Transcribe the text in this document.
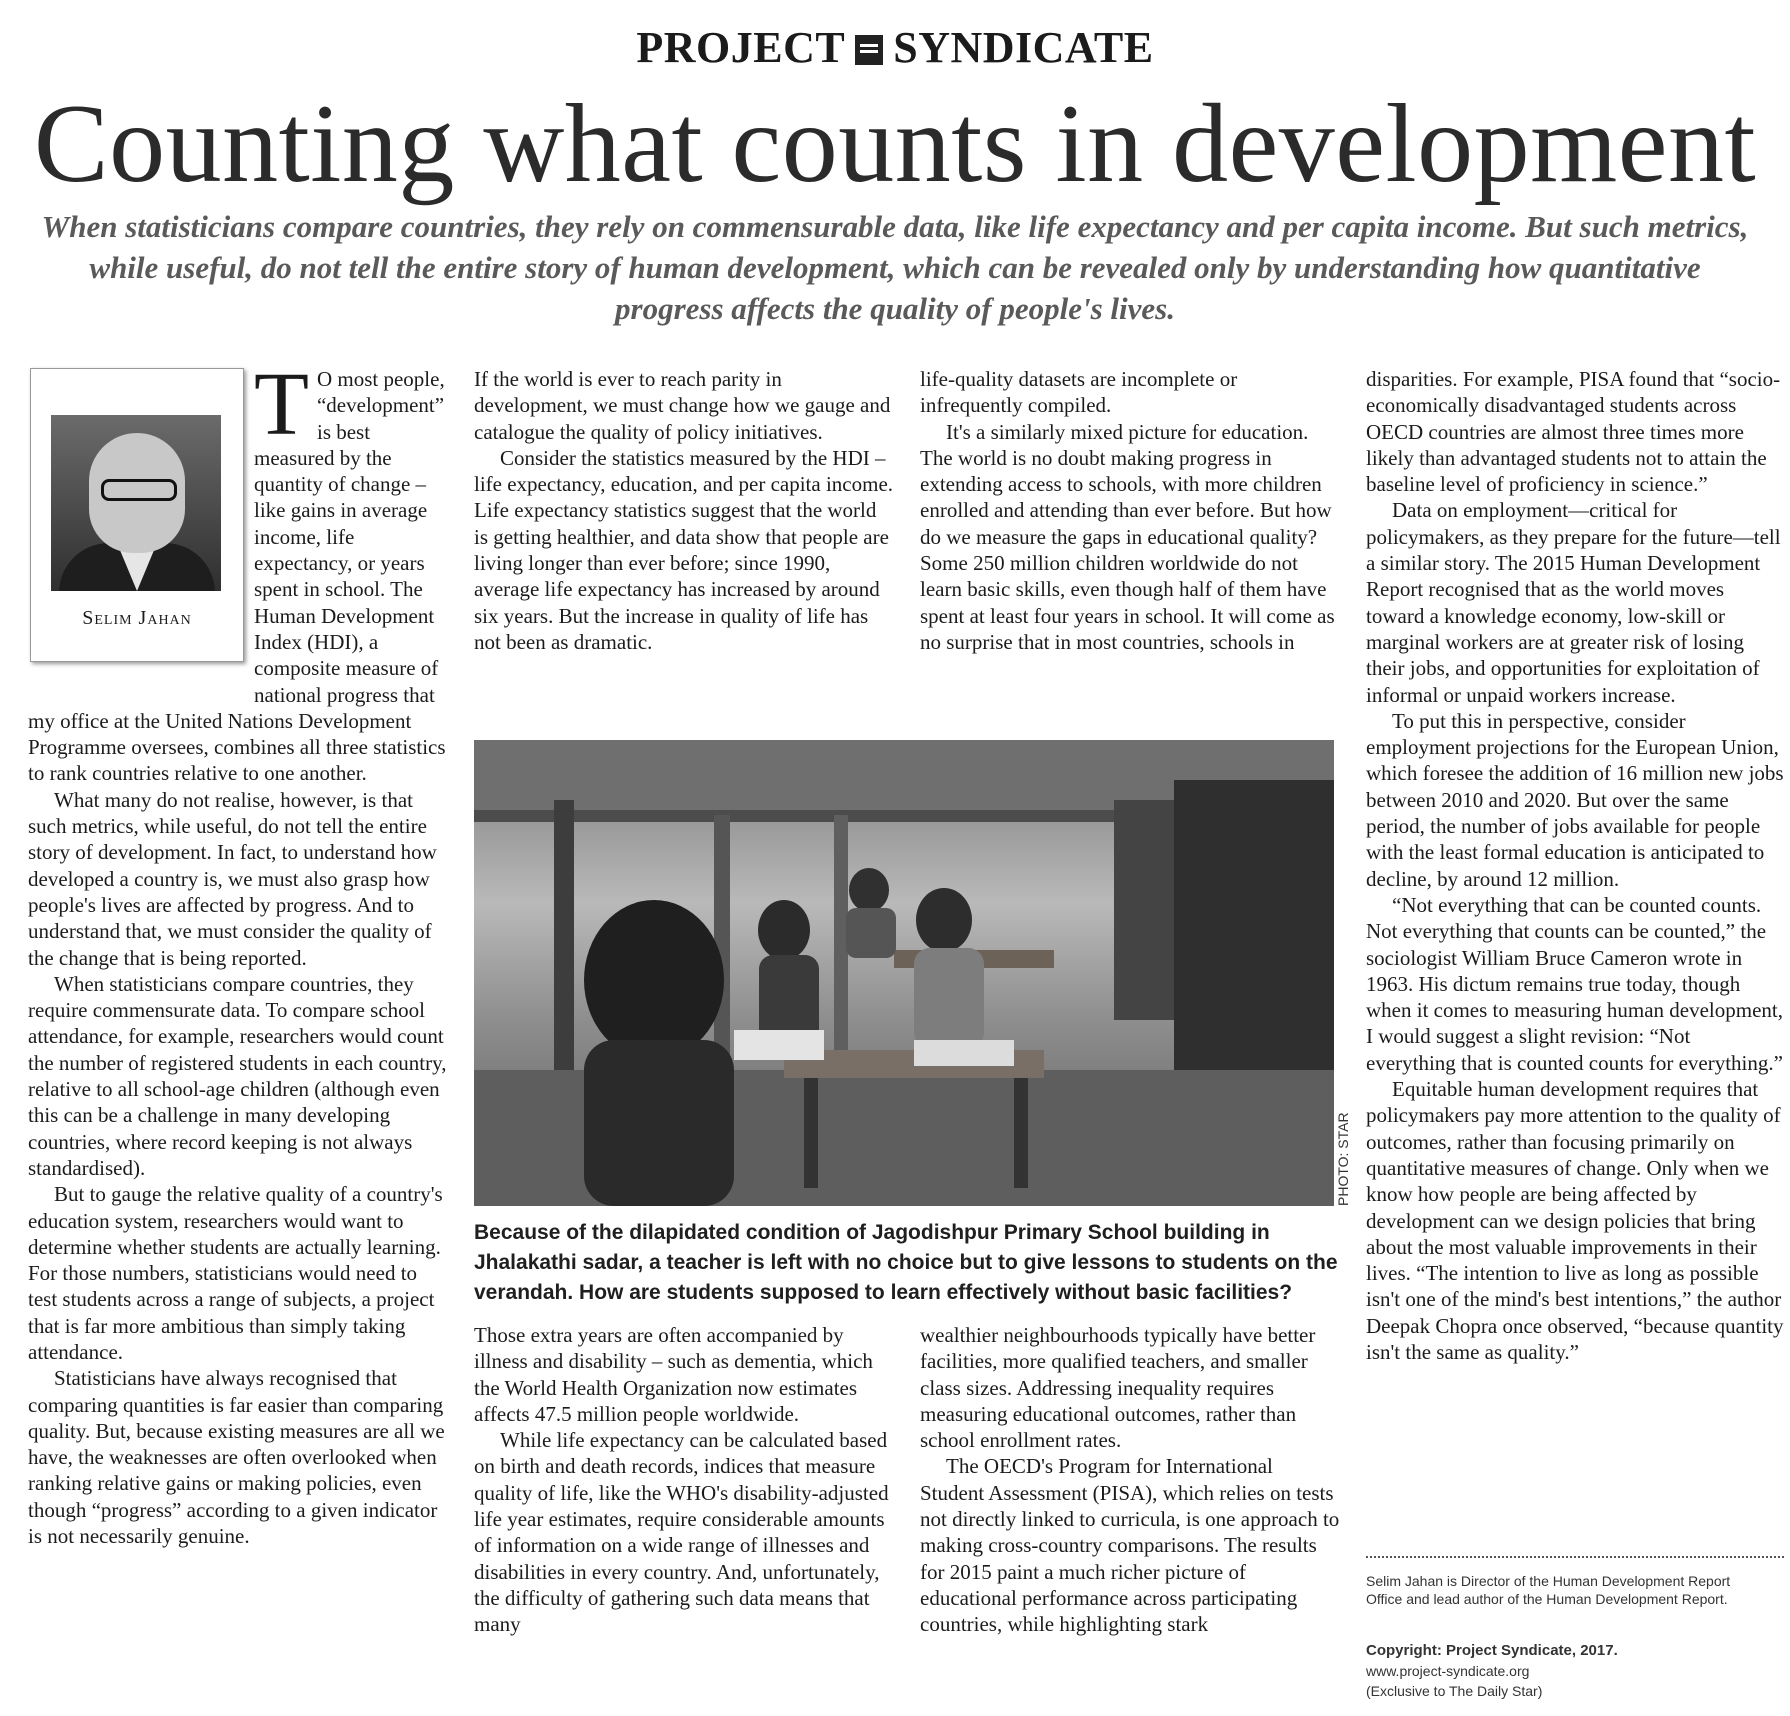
PROJECT SYNDICATE
Counting what counts in development
When statisticians compare countries, they rely on commensurable data, like life expectancy and per capita income. But such metrics, while useful, do not tell the entire story of human development, which can be revealed only by understanding how quantitative progress affects the quality of people's lives.
Selim Jahan

T O most people, “development” is best measured by the quantity of change – like gains in average income, life expectancy, or years spent in school. The Human Development Index (HDI), a composite measure of national progress that my office at the United Nations Development Programme oversees, combines all three statistics to rank countries relative to one another.

What many do not realise, however, is that such metrics, while useful, do not tell the entire story of development. In fact, to understand how developed a country is, we must also grasp how people's lives are affected by progress. And to understand that, we must consider the quality of the change that is being reported.

When statisticians compare countries, they require commensurate data. To compare school attendance, for example, researchers would count the number of registered students in each country, relative to all school-age children (although even this can be a challenge in many developing countries, where record keeping is not always standardised).

But to gauge the relative quality of a country's education system, researchers would want to determine whether students are actually learning. For those numbers, statisticians would need to test students across a range of subjects, a project that is far more ambitious than simply taking attendance.

Statisticians have always recognised that comparing quantities is far easier than comparing quality. But, because existing measures are all we have, the weaknesses are often overlooked when ranking relative gains or making policies, even though “progress” according to a given indicator is not necessarily genuine.

If the world is ever to reach parity in development, we must change how we gauge and catalogue the quality of policy initiatives.

Consider the statistics measured by the HDI – life expectancy, education, and per capita income. Life expectancy statistics suggest that the world is getting healthier, and data show that people are living longer than ever before; since 1990, average life expectancy has increased by around six years. But the increase in quality of life has not been as dramatic.

life-quality datasets are incomplete or infrequently compiled.

It's a similarly mixed picture for education. The world is no doubt making progress in extending access to schools, with more children enrolled and attending than ever before. But how do we measure the gaps in educational quality? Some 250 million children worldwide do not learn basic skills, even though half of them have spent at least four years in school. It will come as no surprise that in most countries, schools in

PHOTO: STAR
Because of the dilapidated condition of Jagodishpur Primary School building in Jhalakathi sadar, a teacher is left with no choice but to give lessons to students on the verandah. How are students supposed to learn effectively without basic facilities?

Those extra years are often accompanied by illness and disability – such as dementia, which the World Health Organization now estimates affects 47.5 million people worldwide.

While life expectancy can be calculated based on birth and death records, indices that measure quality of life, like the WHO's disability-adjusted life year estimates, require considerable amounts of information on a wide range of illnesses and disabilities in every country. And, unfortunately, the difficulty of gathering such data means that many

wealthier neighbourhoods typically have better facilities, more qualified teachers, and smaller class sizes. Addressing inequality requires measuring educational outcomes, rather than school enrollment rates.

The OECD's Program for International Student Assessment (PISA), which relies on tests not directly linked to curricula, is one approach to making cross-country comparisons. The results for 2015 paint a much richer picture of educational performance across participating countries, while highlighting stark

disparities. For example, PISA found that “socio-economically disadvantaged students across OECD countries are almost three times more likely than advantaged students not to attain the baseline level of proficiency in science.”

Data on employment—critical for policymakers, as they prepare for the future—tell a similar story. The 2015 Human Development Report recognised that as the world moves toward a knowledge economy, low-skill or marginal workers are at greater risk of losing their jobs, and opportunities for exploitation of informal or unpaid workers increase.

To put this in perspective, consider employment projections for the European Union, which foresee the addition of 16 million new jobs between 2010 and 2020. But over the same period, the number of jobs available for people with the least formal education is anticipated to decline, by around 12 million.

“Not everything that can be counted counts. Not everything that counts can be counted,” the sociologist William Bruce Cameron wrote in 1963. His dictum remains true today, though when it comes to measuring human development, I would suggest a slight revision: “Not everything that is counted counts for everything.”

Equitable human development requires that policymakers pay more attention to the quality of outcomes, rather than focusing primarily on quantitative measures of change. Only when we know how people are being affected by development can we design policies that bring about the most valuable improvements in their lives. “The intention to live as long as possible isn't one of the mind's best intentions,” the author Deepak Chopra once observed, “because quantity isn't the same as quality.”

Selim Jahan is Director of the Human Development Report Office and lead author of the Human Development Report.
Copyright: Project Syndicate, 2017.
www.project-syndicate.org
(Exclusive to The Daily Star)
